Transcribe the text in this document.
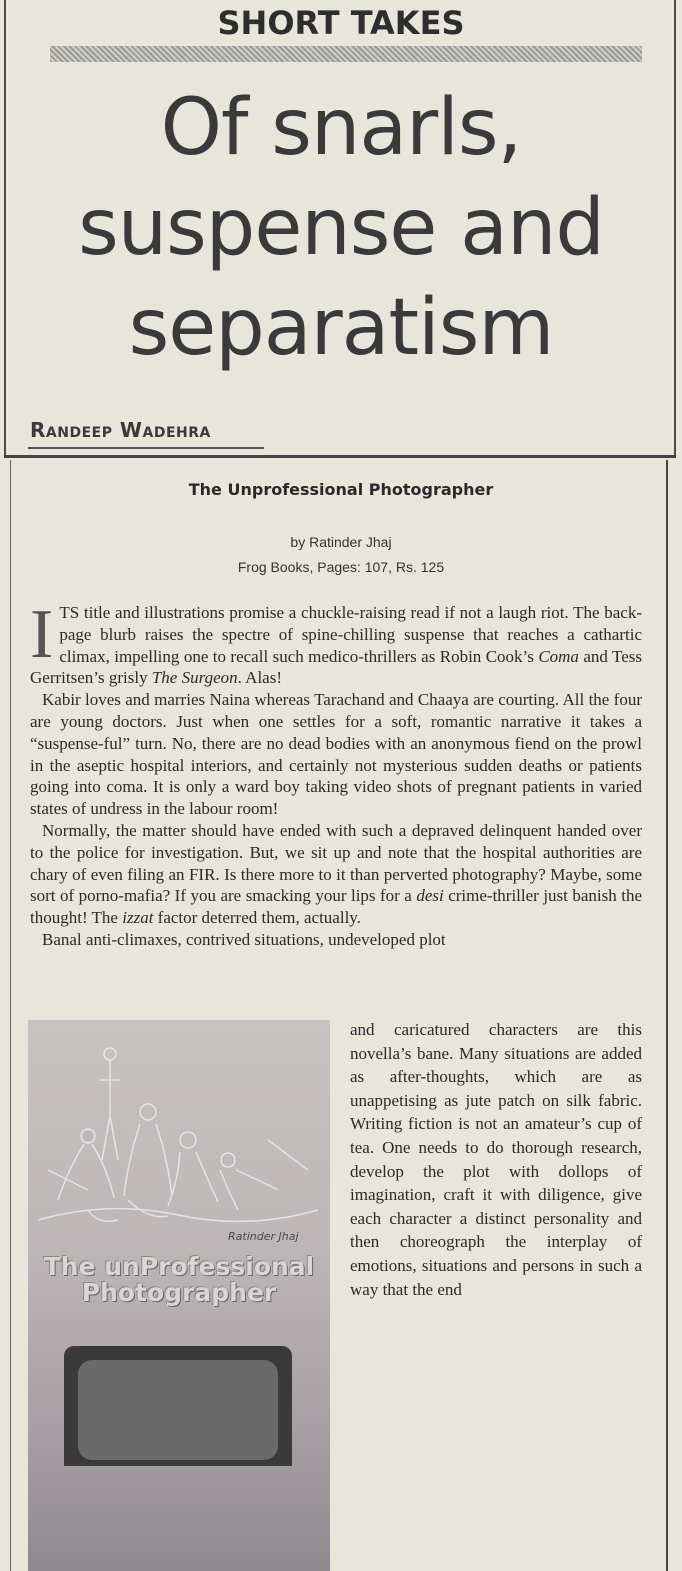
SHORT TAKES
Of snarls,
suspense and
separatism
Randeep Wadehra
The Unprofessional Photographer
by Ratinder Jhaj
Frog Books, Pages: 107, Rs. 125

ITS title and illustrations promise a chuckle-raising read if not a laugh riot. The back-page blurb raises the spectre of spine-chilling suspense that reaches a cathartic climax, impelling one to recall such medico-thrillers as Robin Cook’s Coma and Tess Gerritsen’s grisly The Surgeon. Alas!

Kabir loves and marries Naina whereas Tarachand and Chaaya are courting. All the four are young doctors. Just when one settles for a soft, romantic narrative it takes a “suspense-ful” turn. No, there are no dead bodies with an anonymous fiend on the prowl in the aseptic hospital interiors, and certainly not mysterious sudden deaths or patients going into coma. It is only a ward boy taking video shots of pregnant patients in varied states of undress in the labour room!

Normally, the matter should have ended with such a depraved delinquent handed over to the police for investigation. But, we sit up and note that the hospital authorities are chary of even filing an FIR. Is there more to it than perverted photography? Maybe, some sort of porno-mafia? If you are smacking your lips for a desi crime-thriller just banish the thought! The izzat factor deterred them, actually.

Banal anti-climaxes, contrived situations, undeveloped plot

Ratinder Jhaj
The unProfessional
Photographer
and caricatured characters are this novella’s bane. Many situations are added as after-thoughts, which are as unappetising as jute patch on silk fabric. Writing fiction is not an amateur’s cup of tea. One needs to do thorough research, develop the plot with dollops of imagination, craft it with diligence, give each character a distinct personality and then choreograph the interplay of emotions, situations and persons in such a way that the end
